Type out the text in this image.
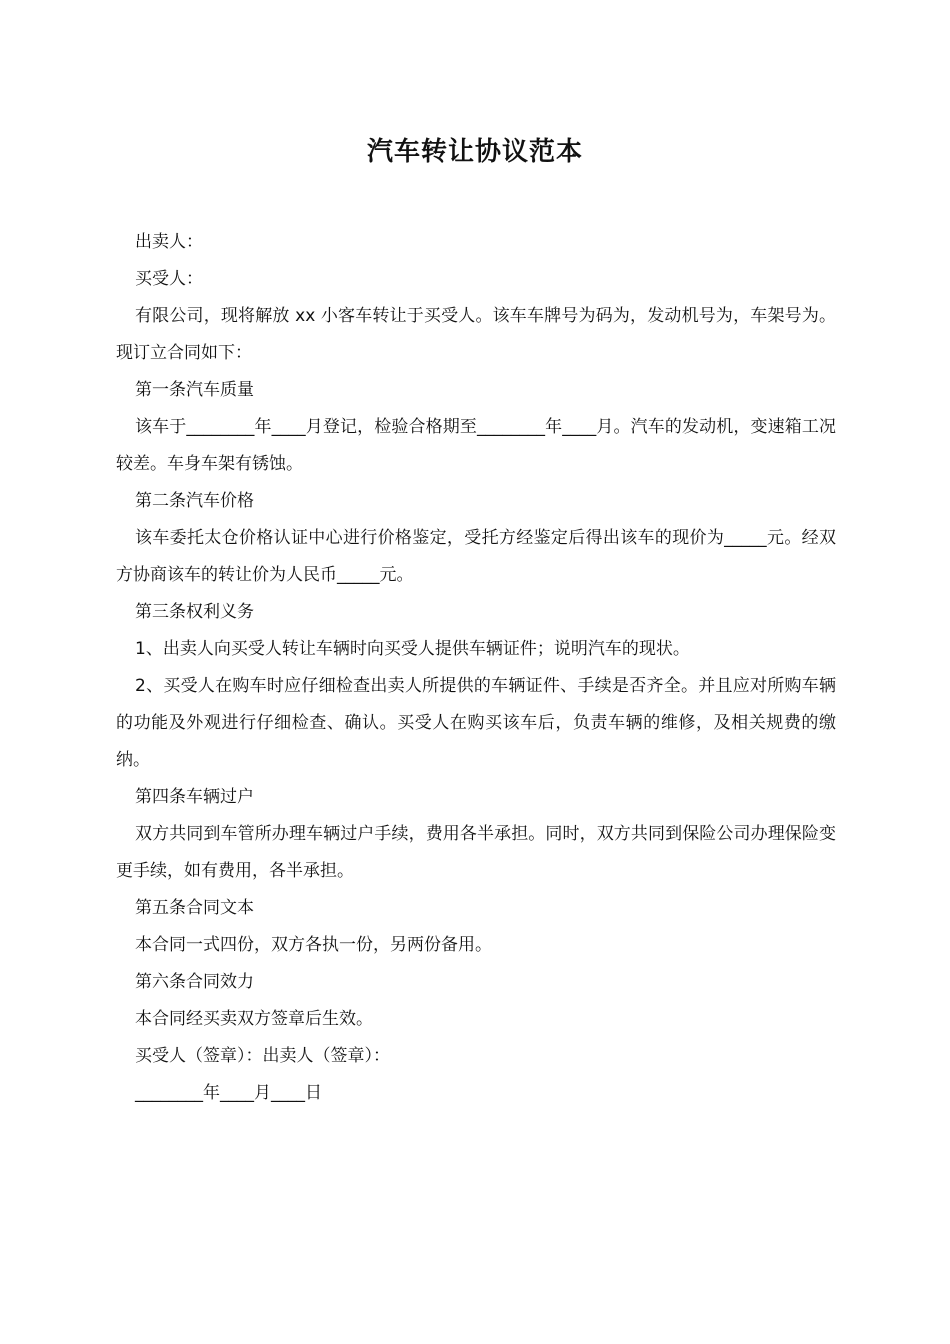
汽车转让协议范本

出卖人：

买受人：

有限公司，现将解放 xx 小客车转让于买受人。该车车牌号为码为，发动机号为，车架号为。现订立合同如下：

第一条汽车质量

该车于________年____月登记，检验合格期至________年____月。汽车的发动机，变速箱工况较差。车身车架有锈蚀。

第二条汽车价格

该车委托太仓价格认证中心进行价格鉴定，受托方经鉴定后得出该车的现价为_____元。经双方协商该车的转让价为人民币_____元。

第三条权利义务

1、出卖人向买受人转让车辆时向买受人提供车辆证件；说明汽车的现状。

2、买受人在购车时应仔细检查出卖人所提供的车辆证件、手续是否齐全。并且应对所购车辆的功能及外观进行仔细检查、确认。买受人在购买该车后，负责车辆的维修，及相关规费的缴纳。

第四条车辆过户

双方共同到车管所办理车辆过户手续，费用各半承担。同时，双方共同到保险公司办理保险变更手续，如有费用，各半承担。

第五条合同文本

本合同一式四份，双方各执一份，另两份备用。

第六条合同效力

本合同经买卖双方签章后生效。

买受人（签章）：出卖人（签章）：

________年____月____日
